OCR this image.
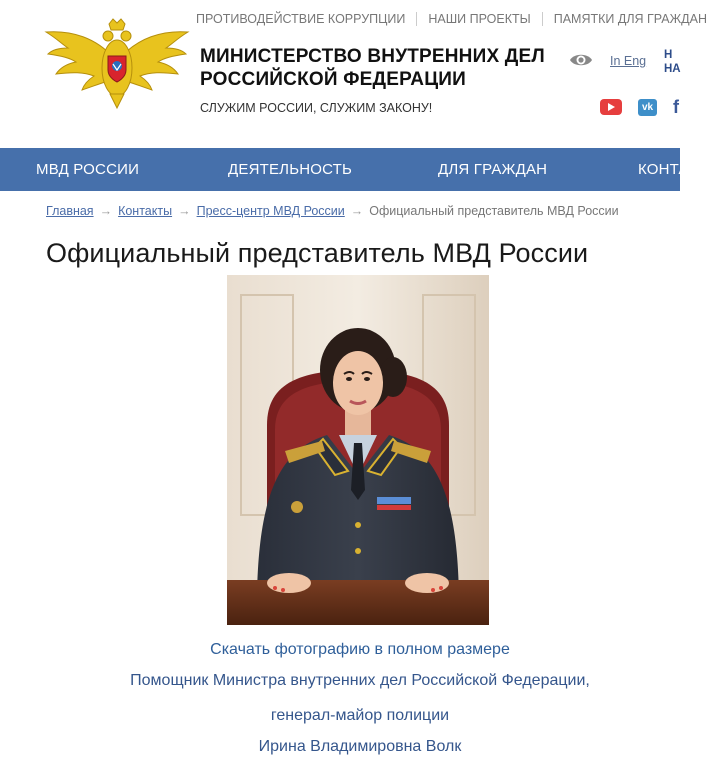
ПРОТИВОДЕЙСТВИЕ КОРРУПЦИИ НАШИ ПРОЕКТЫ ПАМЯТКИ ДЛЯ ГРАЖДАН
МИНИСТЕРСТВО ВНУТРЕННИХ ДЕЛ
РОССИЙСКОЙ ФЕДЕРАЦИИ
СЛУЖИМ РОССИИ, СЛУЖИМ ЗАКОНУ!
In Eng Н
НА
vk f
МВД РОССИИ	ДЕЯТЕЛЬНОСТЬ	ДЛЯ ГРАЖДАН	КОНТА
Главная → Контакты → Пресс-центр МВД России → Официальный представитель МВД России
Официальный представитель МВД России
Скачать фотографию в полном размере
Помощник Министра внутренних дел Российской Федерации,
генерал-майор полиции
Ирина Владимировна Волк
